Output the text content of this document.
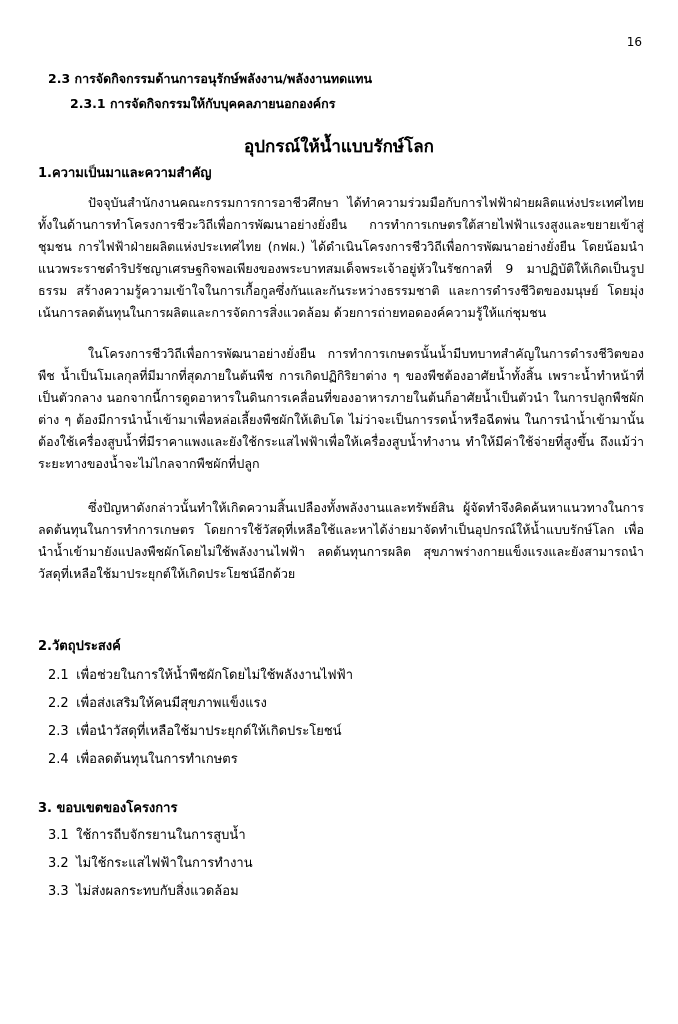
16
2.3 การจัดกิจกรรมด้านการอนุรักษ์พลังงาน/พลังงานทดแทน
2.3.1 การจัดกิจกรรมให้กับบุคคลภายนอกองค์กร
อุปกรณ์ให้น้ำแบบรักษ์โลก
1.ความเป็นมาและความสำคัญ

ปัจจุบันสำนักงานคณะกรรมการการอาชีวศึกษา ได้ทำความร่วมมือกับการไฟฟ้าฝ่ายผลิตแห่งประเทศไทย ทั้งในด้านการทำโครงการชีวะวิถีเพื่อการพัฒนาอย่างยั่งยืน การทำการเกษตรใต้สายไฟฟ้าแรงสูงและขยายเข้าสู่ชุมชน การไฟฟ้าฝ่ายผลิตแห่งประเทศไทย (กฟผ.) ได้ดำเนินโครงการชีววิถีเพื่อการพัฒนาอย่างยั่งยืน โดยน้อมนำแนวพระราชดำริปรัชญาเศรษฐกิจพอเพียงของพระบาทสมเด็จพระเจ้าอยู่หัวในรัชกาลที่ 9 มาปฏิบัติให้เกิดเป็นรูปธรรม สร้างความรู้ความเข้าใจในการเกื้อกูลซึ่งกันและกันระหว่างธรรมชาติ และการดำรงชีวิตของมนุษย์ โดยมุ่งเน้นการลดต้นทุนในการผลิตและการจัดการสิ่งแวดล้อม ด้วยการถ่ายทอดองค์ความรู้ให้แก่ชุมชน

ในโครงการชีววิถีเพื่อการพัฒนาอย่างยั่งยืน การทำการเกษตรนั้นน้ำมีบทบาทสำคัญในการดำรงชีวิตของพืช น้ำเป็นโมเลกุลที่มีมากที่สุดภายในต้นพืช การเกิดปฏิกิริยาต่าง ๆ ของพืชต้องอาศัยน้ำทั้งสิ้น เพราะน้ำทำหน้าที่เป็นตัวกลาง นอกจากนี้การดูดอาหารในดินการเคลื่อนที่ของอาหารภายในต้นก็อาศัยน้ำเป็นตัวนำ ในการปลูกพืชผักต่าง ๆ ต้องมีการนำน้ำเข้ามาเพื่อหล่อเลี้ยงพืชผักให้เติบโต ไม่ว่าจะเป็นการรดน้ำหรือฉีดพ่น ในการนำน้ำเข้ามานั้นต้องใช้เครื่องสูบน้ำที่มีราคาแพงและยังใช้กระแสไฟฟ้าเพื่อให้เครื่องสูบน้ำทำงาน ทำให้มีค่าใช้จ่ายที่สูงขึ้น ถึงแม้ว่าระยะทางของน้ำจะไม่ไกลจากพืชผักที่ปลูก

ซึ่งปัญหาดังกล่าวนั้นทำให้เกิดความสิ้นเปลืองทั้งพลังงานและทรัพย์สิน ผู้จัดทำจึงคิดค้นหาแนวทางในการลดต้นทุนในการทำการเกษตร โดยการใช้วัสดุที่เหลือใช้และหาได้ง่ายมาจัดทำเป็นอุปกรณ์ให้น้ำแบบรักษ์โลก เพื่อนำน้ำเข้ามายังแปลงพืชผักโดยไม่ใช้พลังงานไฟฟ้า ลดต้นทุนการผลิต สุขภาพร่างกายแข็งแรงและยังสามารถนำวัสดุที่เหลือใช้มาประยุกต์ให้เกิดประโยชน์อีกด้วย

2.วัตถุประสงค์
2.1 เพื่อช่วยในการให้น้ำพืชผักโดยไม่ใช้พลังงานไฟฟ้า
2.2 เพื่อส่งเสริมให้คนมีสุขภาพแข็งแรง
2.3 เพื่อนำวัสดุที่เหลือใช้มาประยุกต์ให้เกิดประโยชน์
2.4 เพื่อลดต้นทุนในการทำเกษตร
3. ขอบเขตของโครงการ
3.1 ใช้การถีบจักรยานในการสูบน้ำ
3.2 ไม่ใช้กระแสไฟฟ้าในการทำงาน
3.3 ไม่ส่งผลกระทบกับสิ่งแวดล้อม
